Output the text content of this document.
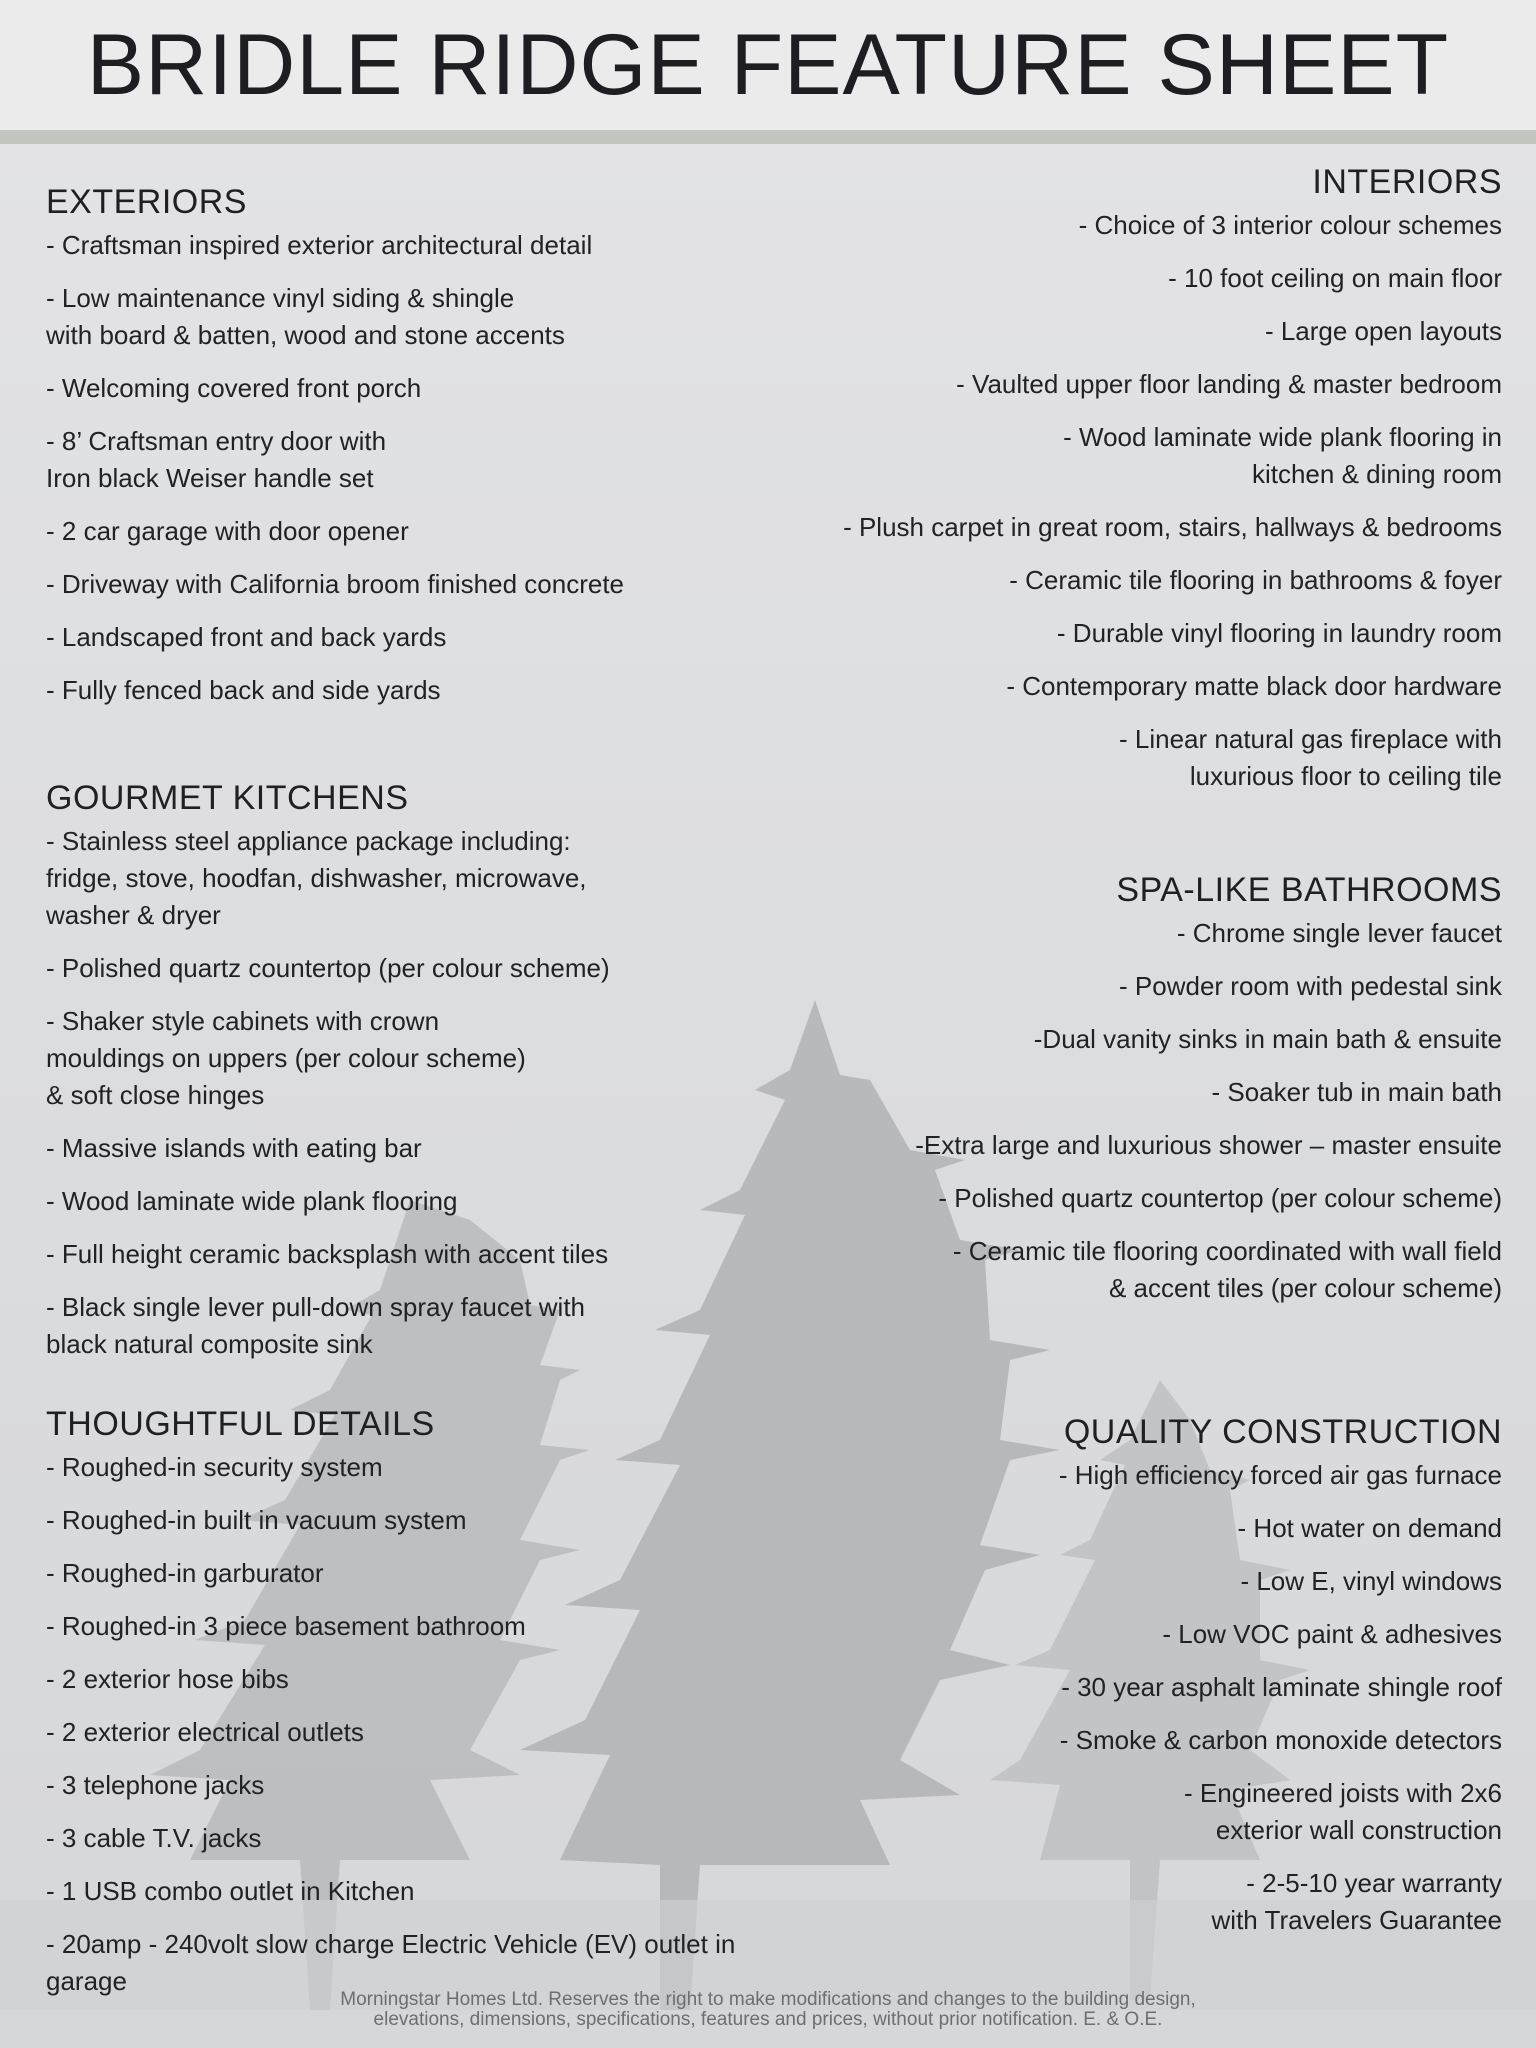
BRIDLE RIDGE FEATURE SHEET
EXTERIORS
- Craftsman inspired exterior architectural detail
- Low maintenance vinyl siding & shingle
with board & batten, wood and stone accents
- Welcoming covered front porch
- 8’ Craftsman entry door with
Iron black Weiser handle set
- 2 car garage with door opener
- Driveway with California broom finished concrete
- Landscaped front and back yards
- Fully fenced back and side yards
GOURMET KITCHENS
- Stainless steel appliance package including:
fridge, stove, hoodfan, dishwasher, microwave,
washer & dryer
- Polished quartz countertop (per colour scheme)
- Shaker style cabinets with crown
mouldings on uppers (per colour scheme)
& soft close hinges
- Massive islands with eating bar
- Wood laminate wide plank flooring
- Full height ceramic backsplash with accent tiles
- Black single lever pull-down spray faucet with
black natural composite sink
THOUGHTFUL DETAILS
- Roughed-in security system
- Roughed-in built in vacuum system
- Roughed-in garburator
- Roughed-in 3 piece basement bathroom
- 2 exterior hose bibs
- 2 exterior electrical outlets
- 3 telephone jacks
- 3 cable T.V. jacks
- 1 USB combo outlet in Kitchen
- 20amp - 240volt slow charge Electric Vehicle (EV) outlet in garage
INTERIORS
- Choice of 3 interior colour schemes
- 10 foot ceiling on main floor
- Large open layouts
- Vaulted upper floor landing & master bedroom
- Wood laminate wide plank flooring in
kitchen & dining room
- Plush carpet in great room, stairs, hallways & bedrooms
- Ceramic tile flooring in bathrooms & foyer
- Durable vinyl flooring in laundry room
- Contemporary matte black door hardware
- Linear natural gas fireplace with
luxurious floor to ceiling tile
SPA-LIKE BATHROOMS
- Chrome single lever faucet
- Powder room with pedestal sink
-Dual vanity sinks in main bath & ensuite
- Soaker tub in main bath
-Extra large and luxurious shower – master ensuite
- Polished quartz countertop (per colour scheme)
- Ceramic tile flooring coordinated with wall field
& accent tiles (per colour scheme)
QUALITY CONSTRUCTION
- High efficiency forced air gas furnace
- Hot water on demand
- Low E, vinyl windows
- Low VOC paint & adhesives
- 30 year asphalt laminate shingle roof
- Smoke & carbon monoxide detectors
- Engineered joists with 2x6
exterior wall construction
- 2-5-10 year warranty
with Travelers Guarantee
Morningstar Homes Ltd. Reserves the right to make modifications and changes to the building design,
elevations, dimensions, specifications, features and prices, without prior notification. E. & O.E.
